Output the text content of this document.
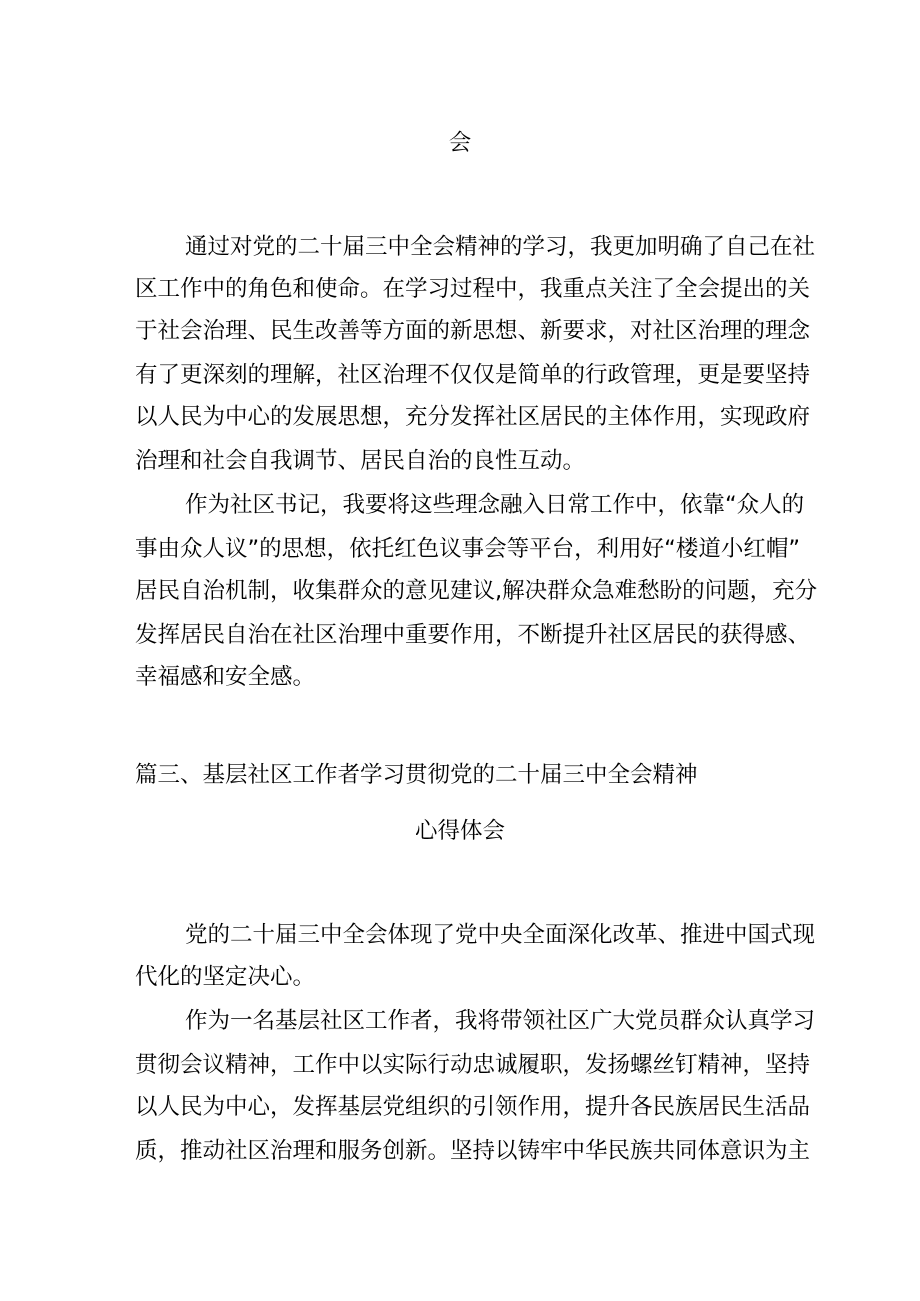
会

通过对党的二十届三中全会精神的学习，我更加明确了自己在社

区工作中的角色和使命。在学习过程中，我重点关注了全会提出的关

于社会治理、民生改善等方面的新思想、新要求，对社区治理的理念

有了更深刻的理解，社区治理不仅仅是简单的行政管理，更是要坚持

以人民为中心的发展思想，充分发挥社区居民的主体作用，实现政府

治理和社会自我调节、居民自治的良性互动。

作为社区书记，我要将这些理念融入日常工作中，依靠“众人的

事由众人议”的思想，依托红色议事会等平台，利用好“楼道小红帽”

居民自治机制，收集群众的意见建议,解决群众急难愁盼的问题，充分

发挥居民自治在社区治理中重要作用，不断提升社区居民的获得感、

幸福感和安全感。

篇三、基层社区工作者学习贯彻党的二十届三中全会精神

心得体会

党的二十届三中全会体现了党中央全面深化改革、推进中国式现

代化的坚定决心。

作为一名基层社区工作者，我将带领社区广大党员群众认真学习

贯彻会议精神，工作中以实际行动忠诚履职，发扬螺丝钉精神，坚持

以人民为中心，发挥基层党组织的引领作用，提升各民族居民生活品

质，推动社区治理和服务创新。坚持以铸牢中华民族共同体意识为主
